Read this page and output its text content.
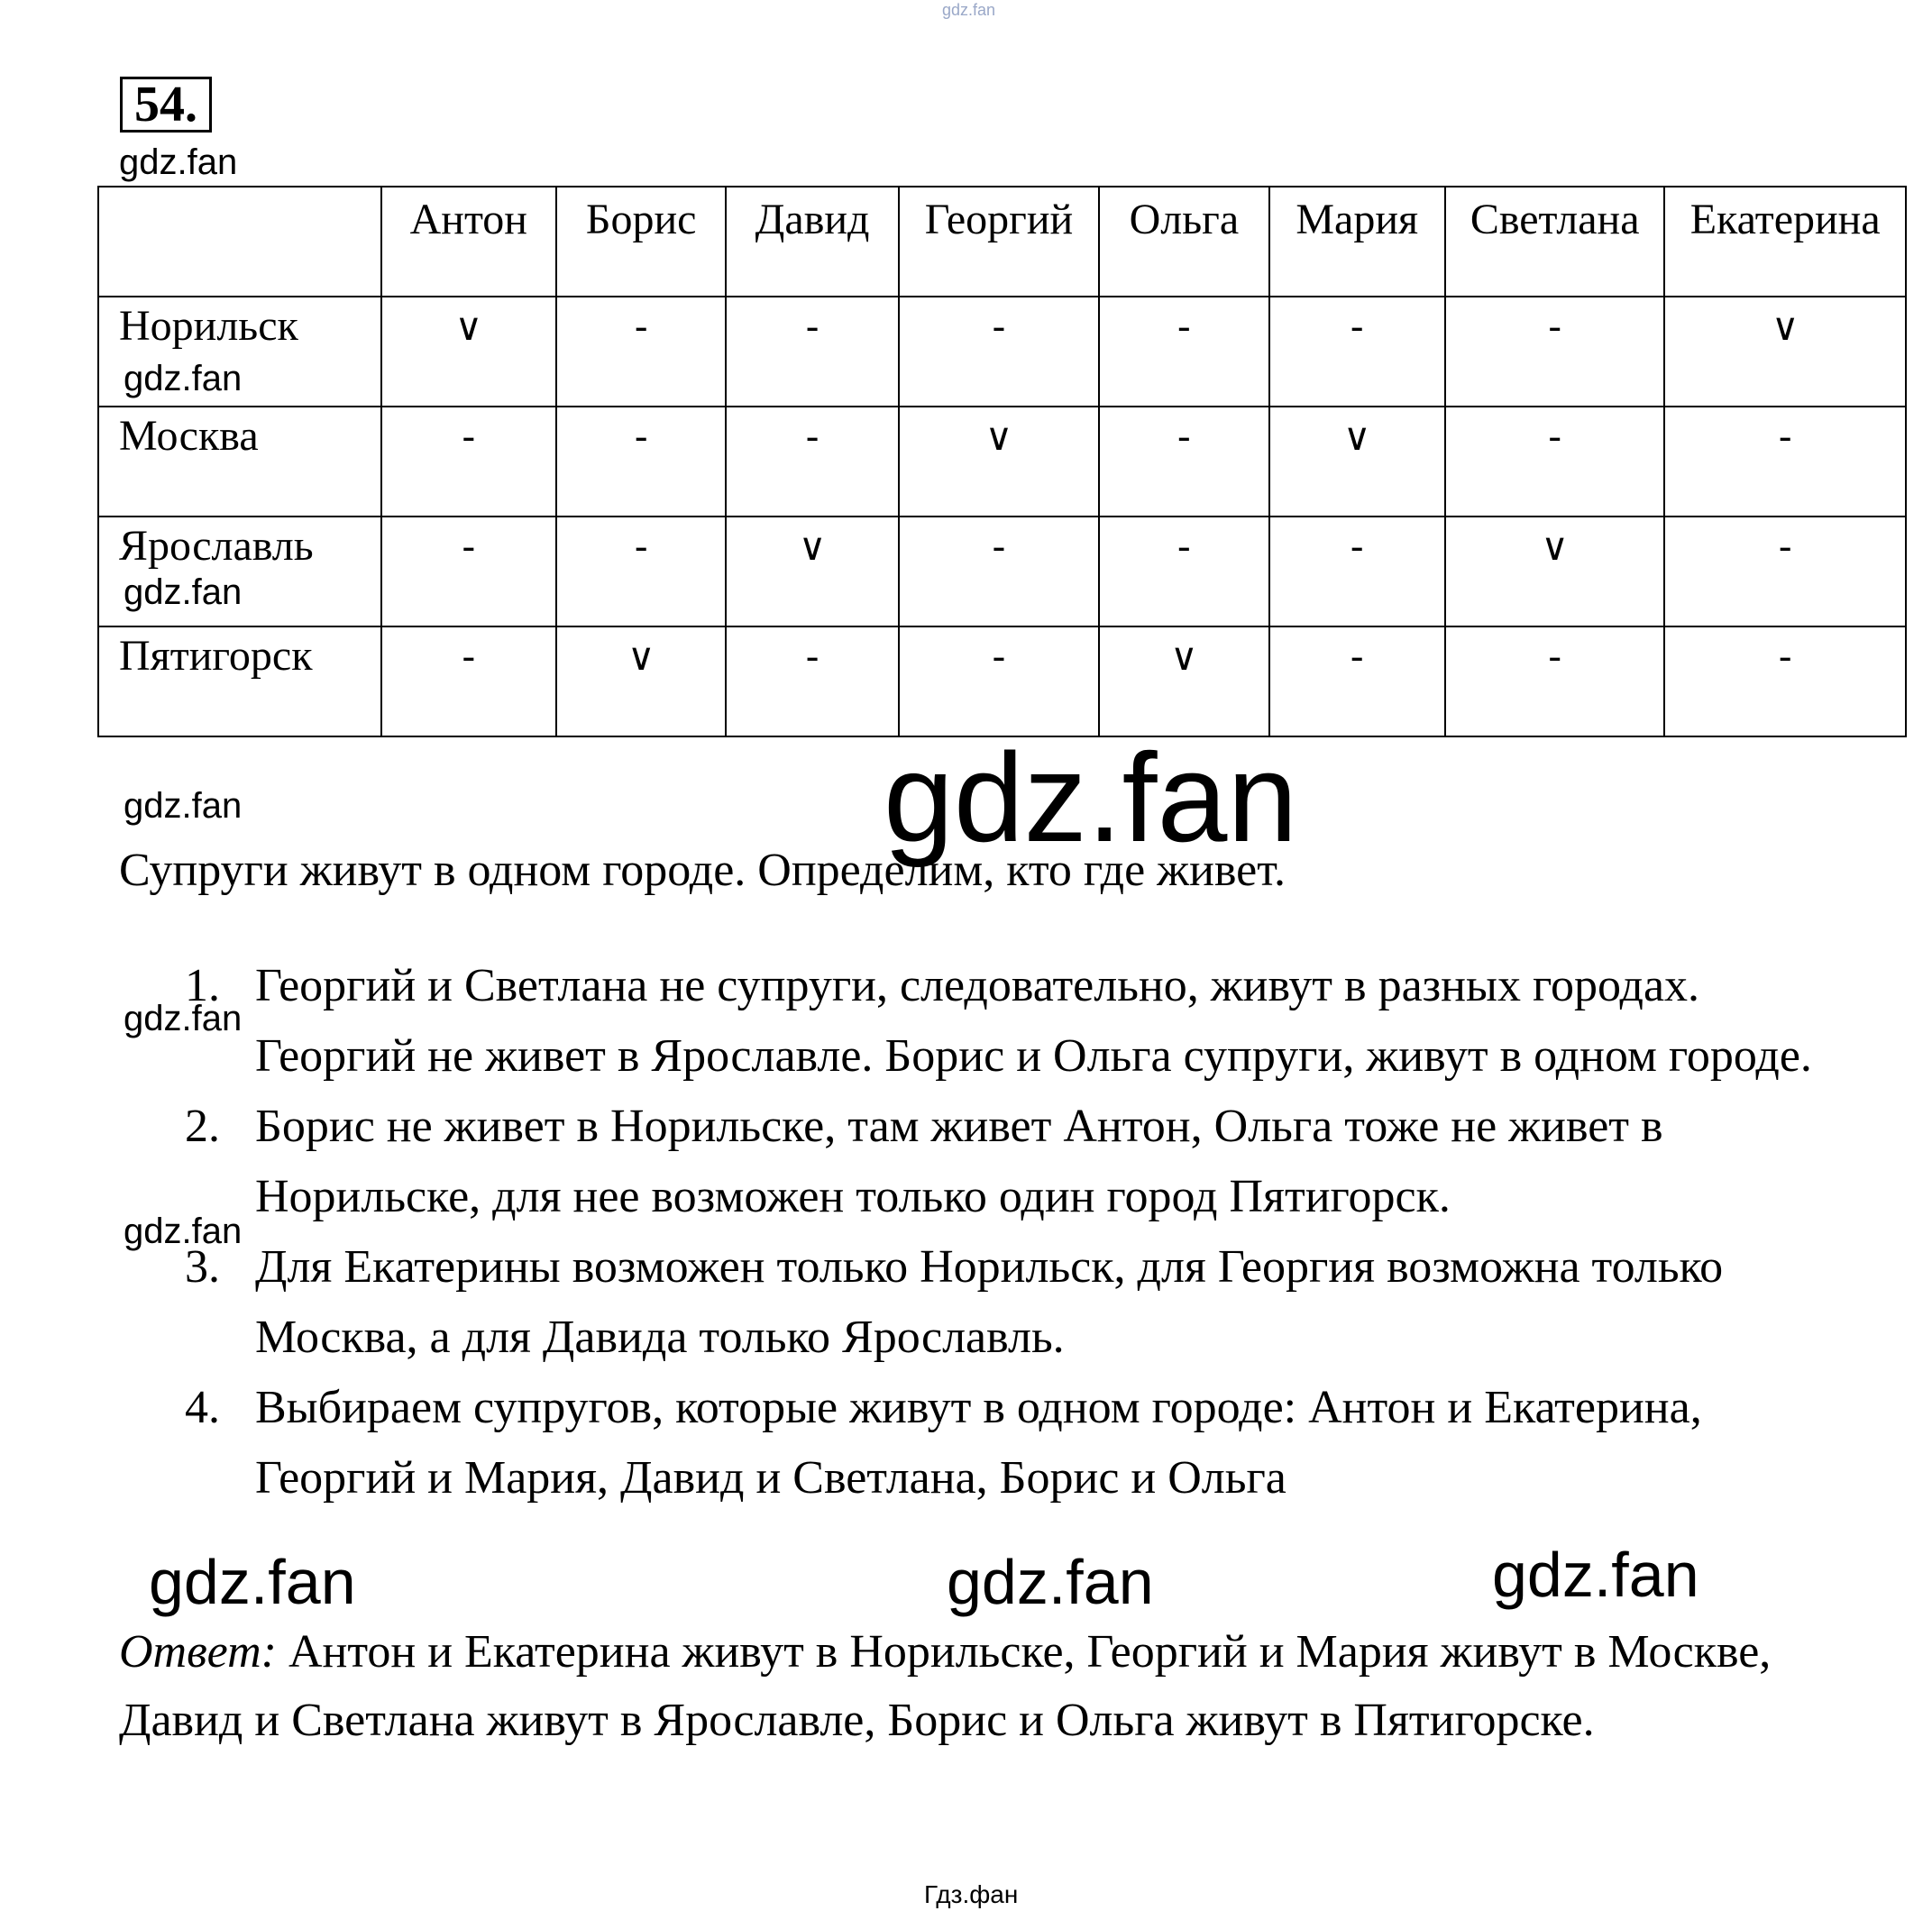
gdz.fan
54.
gdz.fan
gdz.fan
gdz.fan
	Антон	Борис	Давид	Георгий	Ольга	Мария	Светлана	Екатерина
Норильск	∨	-	-	-	-	-	-	∨
Москва	-	-	-	∨	-	∨	-	-
Ярославль	-	-	∨	-	-	-	∨	-
Пятигорск	-	∨	-	-	∨	-	-	-
gdz.fan	gdz.fan
Супруги живут в одном городе. Определим, кто где живет.
1. Георгий и Светлана не супруги, следовательно, живут в разных городах. Георгий не живет в Ярославле. Борис и Ольга супруги, живут в одном городе.
2. Борис не живет в Норильске, там живет Антон, Ольга тоже не живет в Норильске, для нее возможен только один город Пятигорск.
3. Для Екатерины возможен только Норильск, для Георгия возможна только Москва, а для Давида только Ярославль.
4. Выбираем супругов, которые живут в одном городе: Антон и Екатерина, Георгий и Мария, Давид и Светлана, Борис и Ольга
gdz.fan
gdz.fan
gdz.fan	gdz.fan	gdz.fan
Ответ: Антон и Екатерина живут в Норильске, Георгий и Мария живут в Москве, Давид и Светлана живут в Ярославле, Борис и Ольга живут в Пятигорске.
Гдз.фан
